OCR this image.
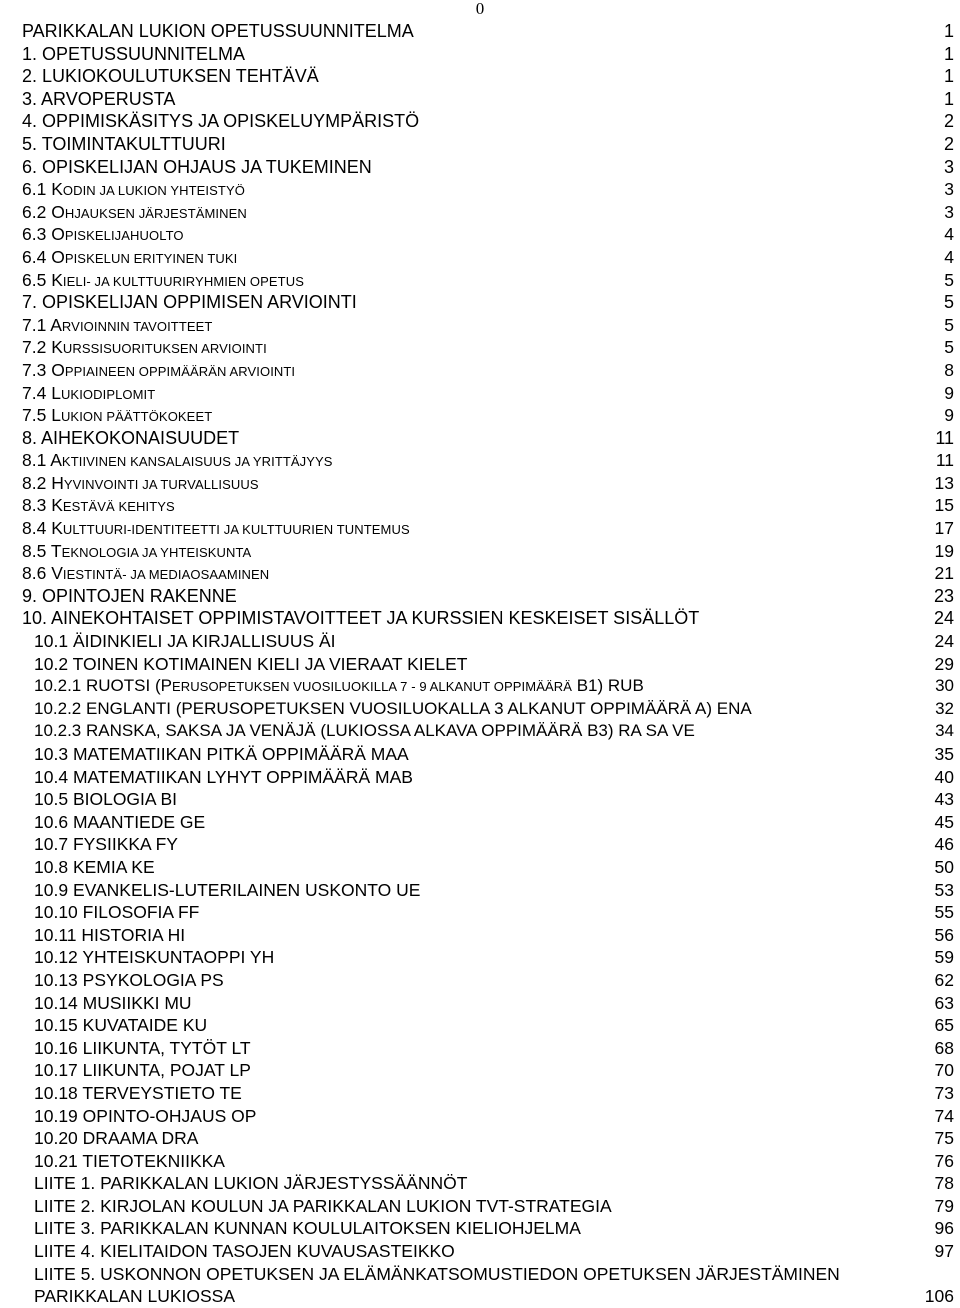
0
PARIKKALAN LUKION OPETUSSUUNNITELMA	1
1. OPETUSSUUNNITELMA	1
2. LUKIOKOULUTUKSEN TEHTÄVÄ	1
3. ARVOPERUSTA	1
4. OPPIMISKÄSITYS JA OPISKELUYMPÄRISTÖ	2
5. TOIMINTAKULTTUURI	2
6. OPISKELIJAN OHJAUS JA TUKEMINEN	3
6.1 KODIN JA LUKION YHTEISTYÖ	3
6.2 OHJAUKSEN JÄRJESTÄMINEN	3
6.3 OPISKELIJAHUOLTO	4
6.4 OPISKELUN ERITYINEN TUKI	4
6.5 KIELI- JA KULTTUURIRYHMIEN OPETUS	5
7. OPISKELIJAN OPPIMISEN ARVIOINTI	5
7.1 ARVIOINNIN TAVOITTEET	5
7.2 KURSSISUORITUKSEN ARVIOINTI	5
7.3 OPPIAINEEN OPPIMÄÄRÄN ARVIOINTI	8
7.4 LUKIODIPLOMIT	9
7.5 LUKION PÄÄTTÖKOKEET	9
8. AIHEKOKONAISUUDET	11
8.1 AKTIIVINEN KANSALAISUUS JA YRITTÄJYYS	11
8.2 HYVINVOINTI JA TURVALLISUUS	13
8.3 KESTÄVÄ KEHITYS	15
8.4 KULTTUURI-IDENTITEETTI JA KULTTUURIEN TUNTEMUS	17
8.5 TEKNOLOGIA JA YHTEISKUNTA	19
8.6 VIESTINTÄ- JA MEDIAOSAAMINEN	21
9. OPINTOJEN RAKENNE	23
10. AINEKOHTAISET OPPIMISTAVOITTEET JA KURSSIEN KESKEISET SISÄLLÖT	24
10.1 ÄIDINKIELI JA KIRJALLISUUS ÄI	24
10.2 TOINEN KOTIMAINEN KIELI JA VIERAAT KIELET	29
10.2.1 RUOTSI (PERUSOPETUKSEN VUOSILUOKILLA 7 - 9 ALKANUT OPPIMÄÄRÄ B1) RUB	30
10.2.2 ENGLANTI (PERUSOPETUKSEN VUOSILUOKALLA 3 ALKANUT OPPIMÄÄRÄ A) ENA	32
10.2.3 RANSKA, SAKSA JA VENÄJÄ (LUKIOSSA ALKAVA OPPIMÄÄRÄ B3) RA SA VE	34
10.3 MATEMATIIKAN PITKÄ OPPIMÄÄRÄ MAA	35
10.4 MATEMATIIKAN LYHYT OPPIMÄÄRÄ MAB	40
10.5 BIOLOGIA BI	43
10.6 MAANTIEDE GE	45
10.7 FYSIIKKA FY	46
10.8 KEMIA KE	50
10.9 EVANKELIS-LUTERILAINEN USKONTO UE	53
10.10 FILOSOFIA FF	55
10.11 HISTORIA HI	56
10.12 YHTEISKUNTAOPPI YH	59
10.13 PSYKOLOGIA PS	62
10.14 MUSIIKKI MU	63
10.15 KUVATAIDE KU	65
10.16 LIIKUNTA, TYTÖT LT	68
10.17 LIIKUNTA, POJAT LP	70
10.18 TERVEYSTIETO TE	73
10.19 OPINTO-OHJAUS OP	74
10.20 DRAAMA DRA	75
10.21 TIETOTEKNIIKKA	76
LIITE 1. PARIKKALAN LUKION JÄRJESTYSSÄÄNNÖT	78
LIITE 2. KIRJOLAN KOULUN JA PARIKKALAN LUKION TVT-STRATEGIA	79
LIITE 3. PARIKKALAN KUNNAN KOULULAITOKSEN KIELIOHJELMA	96
LIITE 4. KIELITAIDON TASOJEN KUVAUSASTEIKKO	97
LIITE 5. USKONNON OPETUKSEN JA ELÄMÄNKATSOMUSTIEDON OPETUKSEN JÄRJESTÄMINEN
PARIKKALAN LUKIOSSA	106
